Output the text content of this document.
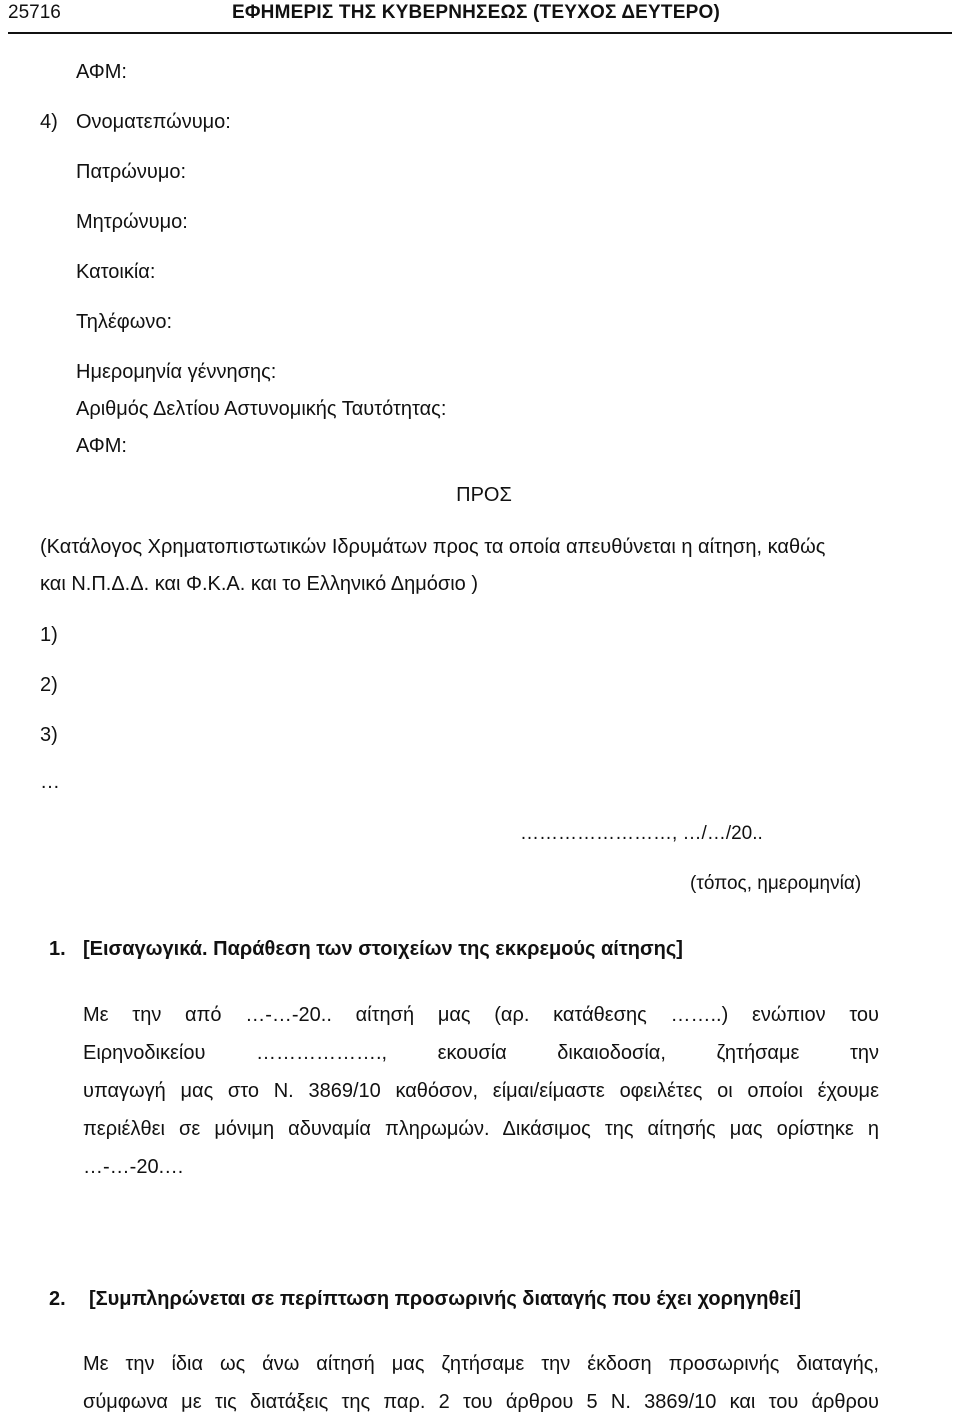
25716	ΕΦΗΜΕΡΙΣ ΤΗΣ ΚΥΒΕΡΝΗΣΕΩΣ (ΤΕΥΧΟΣ ΔΕΥΤΕΡΟ)
ΑΦΜ:
4) Ονοματεπώνυμο:
Πατρώνυμο:
Μητρώνυμο:
Κατοικία:
Τηλέφωνο:
Ημερομηνία γέννησης:
Αριθμός Δελτίου Αστυνομικής Ταυτότητας:
ΑΦΜ:
ΠΡΟΣ
(Κατάλογος Χρηματοπιστωτικών Ιδρυμάτων προς τα οποία απευθύνεται η αίτηση, καθώς
και Ν.Π.Δ.Δ. και Φ.Κ.Α. και το Ελληνικό Δημόσιο )
1)
2)
3)
…
……………………, …/…/20..
(τόπος, ημερομηνία)
1. [Εισαγωγικά. Παράθεση των στοιχείων της εκκρεμούς αίτησης]
Με την από …-…-20.. αίτησή μας (αρ. κατάθεσης ……..) ενώπιον του
Ειρηνοδικείου ………………., εκουσία δικαιοδοσία, ζητήσαμε την
υπαγωγή μας στο Ν. 3869/10 καθόσον, είμαι/είμαστε οφειλέτες οι οποίοι έχουμε
περιέλθει σε μόνιμη αδυναμία πληρωμών. Δικάσιμος της αίτησής μας ορίστηκε η
…-…-20.…
2. [Συμπληρώνεται σε περίπτωση προσωρινής διαταγής που έχει χορηγηθεί]
Με την ίδια ως άνω αίτησή μας ζητήσαμε την έκδοση προσωρινής διαταγής,
σύμφωνα με τις διατάξεις της παρ. 2 του άρθρου 5 Ν. 3869/10 και του άρθρου
